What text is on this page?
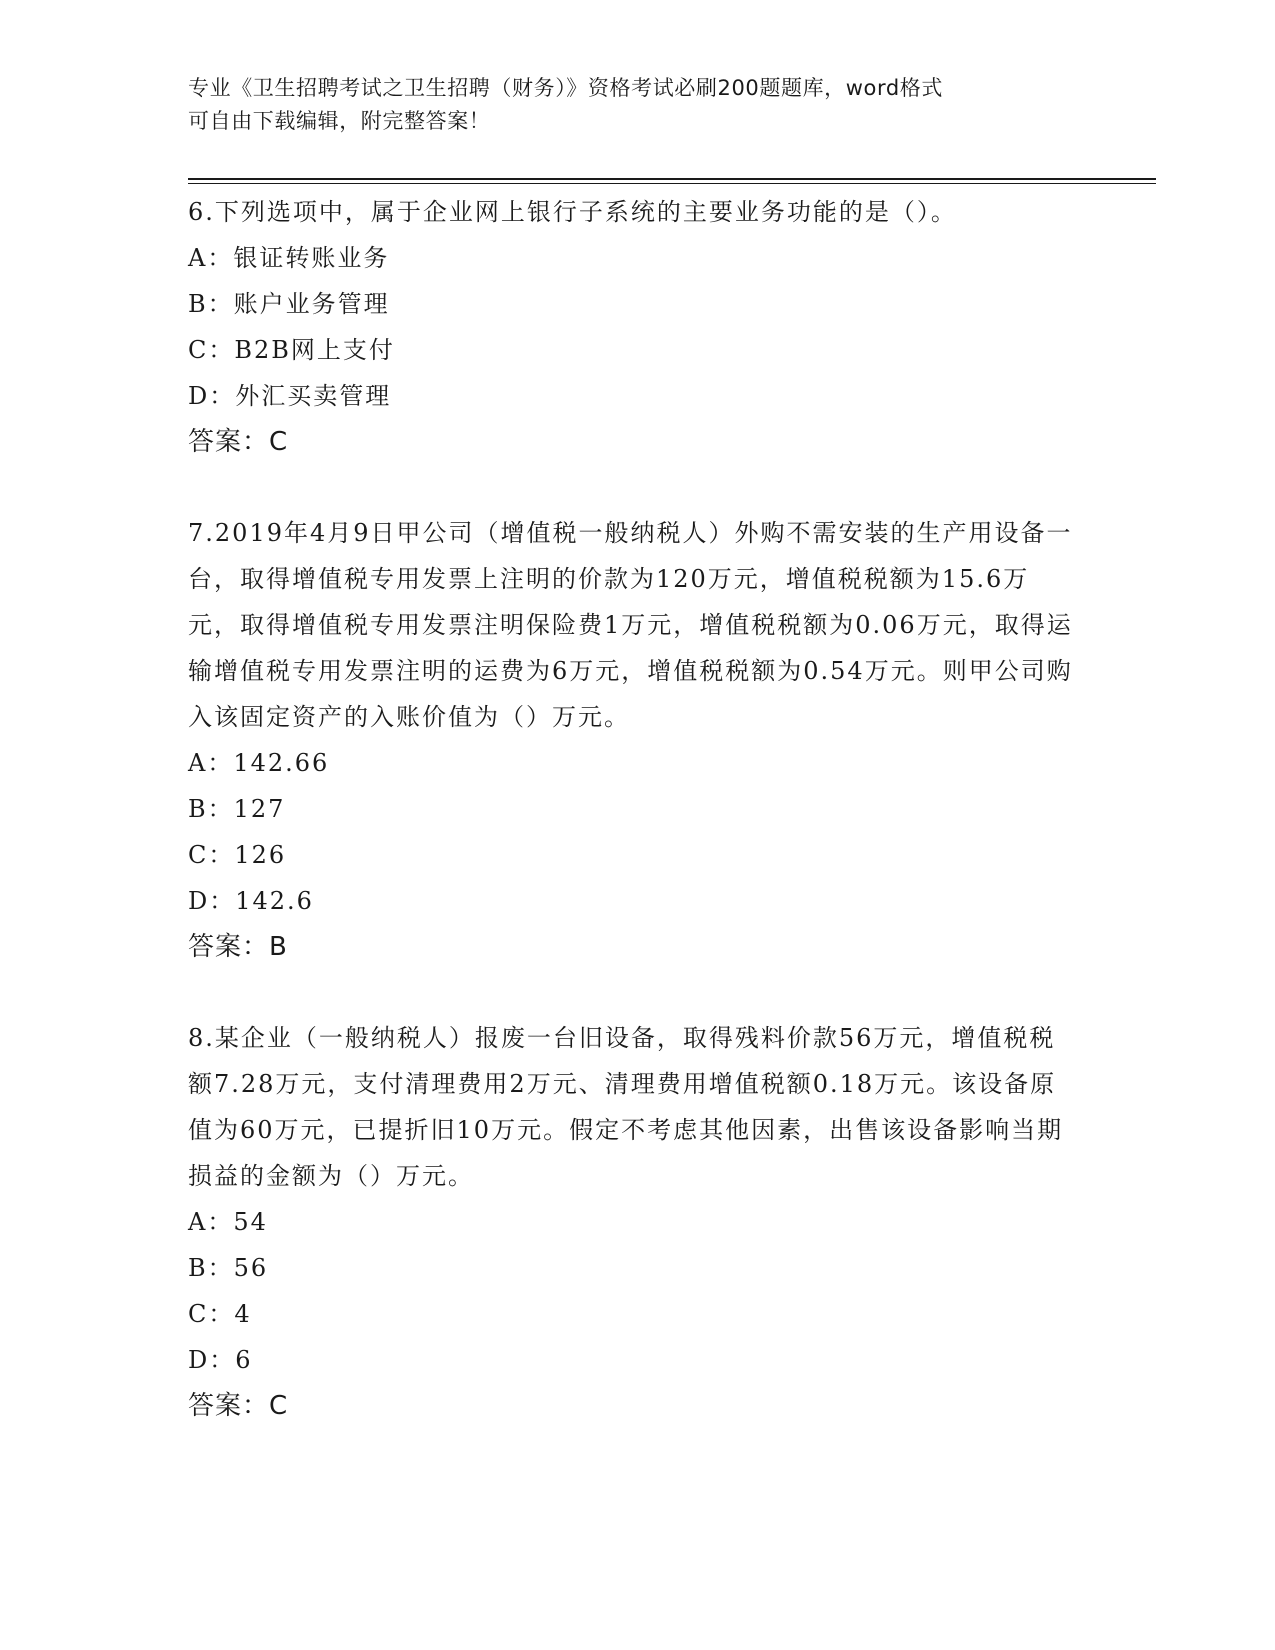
专业《卫生招聘考试之卫生招聘（财务）》资格考试必刷200题题库，word格式
可自由下载编辑，附完整答案！

6.下列选项中，属于企业网上银行子系统的主要业务功能的是（）。

A：银证转账业务

B：账户业务管理

C：B2B网上支付

D：外汇买卖管理

答案：C

7.2019年4月9日甲公司（增值税一般纳税人）外购不需安装的生产用设备一台，取得增值税专用发票上注明的价款为120万元，增值税税额为15.6万元，取得增值税专用发票注明保险费1万元，增值税税额为0.06万元，取得运输增值税专用发票注明的运费为6万元，增值税税额为0.54万元。则甲公司购入该固定资产的入账价值为（）万元。

A：142.66

B：127

C：126

D：142.6

答案：B

8.某企业（一般纳税人）报废一台旧设备，取得残料价款56万元，增值税税额7.28万元，支付清理费用2万元、清理费用增值税额0.18万元。该设备原值为60万元，已提折旧10万元。假定不考虑其他因素，出售该设备影响当期损益的金额为（）万元。

A：54

B：56

C：4

D：6

答案：C
